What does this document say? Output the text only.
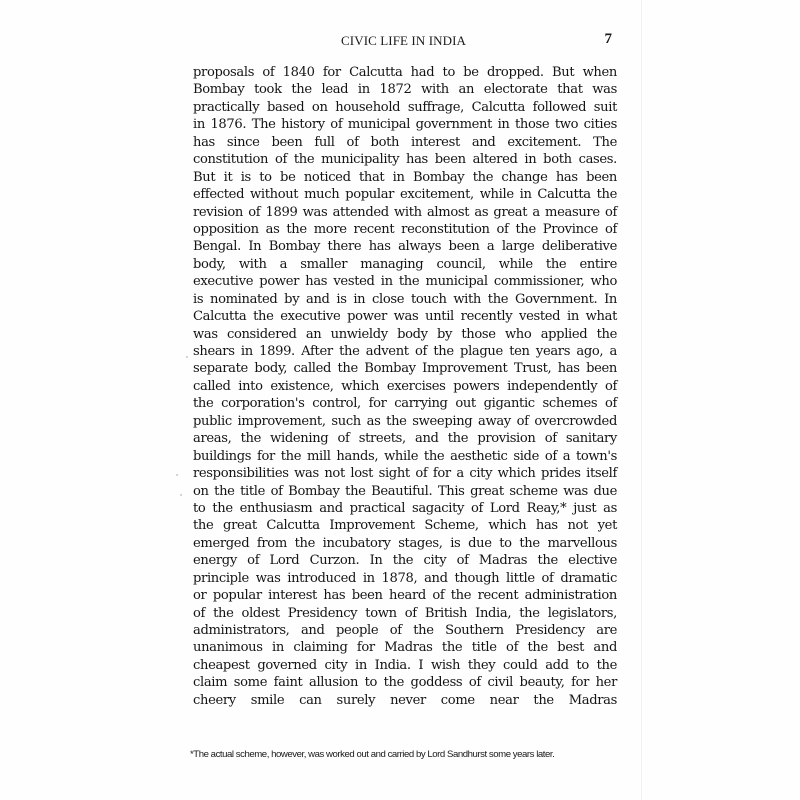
CIVIC LIFE IN INDIA	7
proposals of 1840 for Calcutta had to be dropped. But when
Bombay took the lead in 1872 with an electorate that was
practically based on household suffrage, Calcutta followed suit
in 1876. The history of municipal government in those two cities
has since been full of both interest and excitement. The
constitution of the municipality has been altered in both cases.
But it is to be noticed that in Bombay the change has been
effected without much popular excitement, while in Calcutta the
revision of 1899 was attended with almost as great a measure of
opposition as the more recent reconstitution of the Province of
Bengal. In Bombay there has always been a large deliberative
body, with a smaller managing council, while the entire
executive power has vested in the municipal commissioner, who
is nominated by and is in close touch with the Government. In
Calcutta the executive power was until recently vested in what
was considered an unwieldy body by those who applied the
shears in 1899. After the advent of the plague ten years ago, a
separate body, called the Bombay Improvement Trust, has been
called into existence, which exercises powers independently of
the corporation's control, for carrying out gigantic schemes of
public improvement, such as the sweeping away of overcrowded
areas, the widening of streets, and the provision of sanitary
buildings for the mill hands, while the aesthetic side of a town's
responsibilities was not lost sight of for a city which prides itself
on the title of Bombay the Beautiful. This great scheme was due
to the enthusiasm and practical sagacity of Lord Reay,* just as
the great Calcutta Improvement Scheme, which has not yet
emerged from the incubatory stages, is due to the marvellous
energy of Lord Curzon. In the city of Madras the elective
principle was introduced in 1878, and though little of dramatic
or popular interest has been heard of the recent administration
of the oldest Presidency town of British India, the legislators,
administrators, and people of the Southern Presidency are
unanimous in claiming for Madras the title of the best and
cheapest governed city in India. I wish they could add to the
claim some faint allusion to the goddess of civil beauty, for her
cheery smile can surely never come near the Madras
*The actual scheme, however, was worked out and carried by Lord Sandhurst some years later.
